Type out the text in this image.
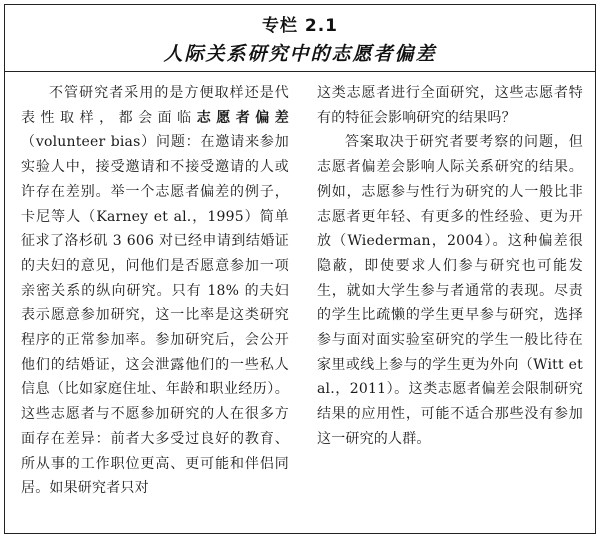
专栏 2.1
人际关系研究中的志愿者偏差

不管研究者采用的是方便取样还是代表性取样，都会面临志愿者偏差（volunteer bias）问题：在邀请来参加实验人中，接受邀请和不接受邀请的人或许存在差别。举一个志愿者偏差的例子，卡尼等人（Karney et al.，1995）简单征求了洛杉矶 3 606 对已经申请到结婚证的夫妇的意见，问他们是否愿意参加一项亲密关系的纵向研究。只有 18% 的夫妇表示愿意参加研究，这一比率是这类研究程序的正常参加率。参加研究后，会公开他们的结婚证，这会泄露他们的一些私人信息（比如家庭住址、年龄和职业经历）。这些志愿者与不愿参加研究的人在很多方面存在差异：前者大多受过良好的教育、所从事的工作职位更高、更可能和伴侣同居。如果研究者只对

这类志愿者进行全面研究，这些志愿者特有的特征会影响研究的结果吗？

答案取决于研究者要考察的问题，但志愿者偏差会影响人际关系研究的结果。例如，志愿参与性行为研究的人一般比非志愿者更年轻、有更多的性经验、更为开放（Wiederman，2004）。这种偏差很隐蔽，即使要求人们参与研究也可能发生，就如大学生参与者通常的表现。尽责的学生比疏懒的学生更早参与研究，选择参与面对面实验室研究的学生一般比待在家里或线上参与的学生更为外向（Witt et al.，2011）。这类志愿者偏差会限制研究结果的应用性，可能不适合那些没有参加这一研究的人群。
